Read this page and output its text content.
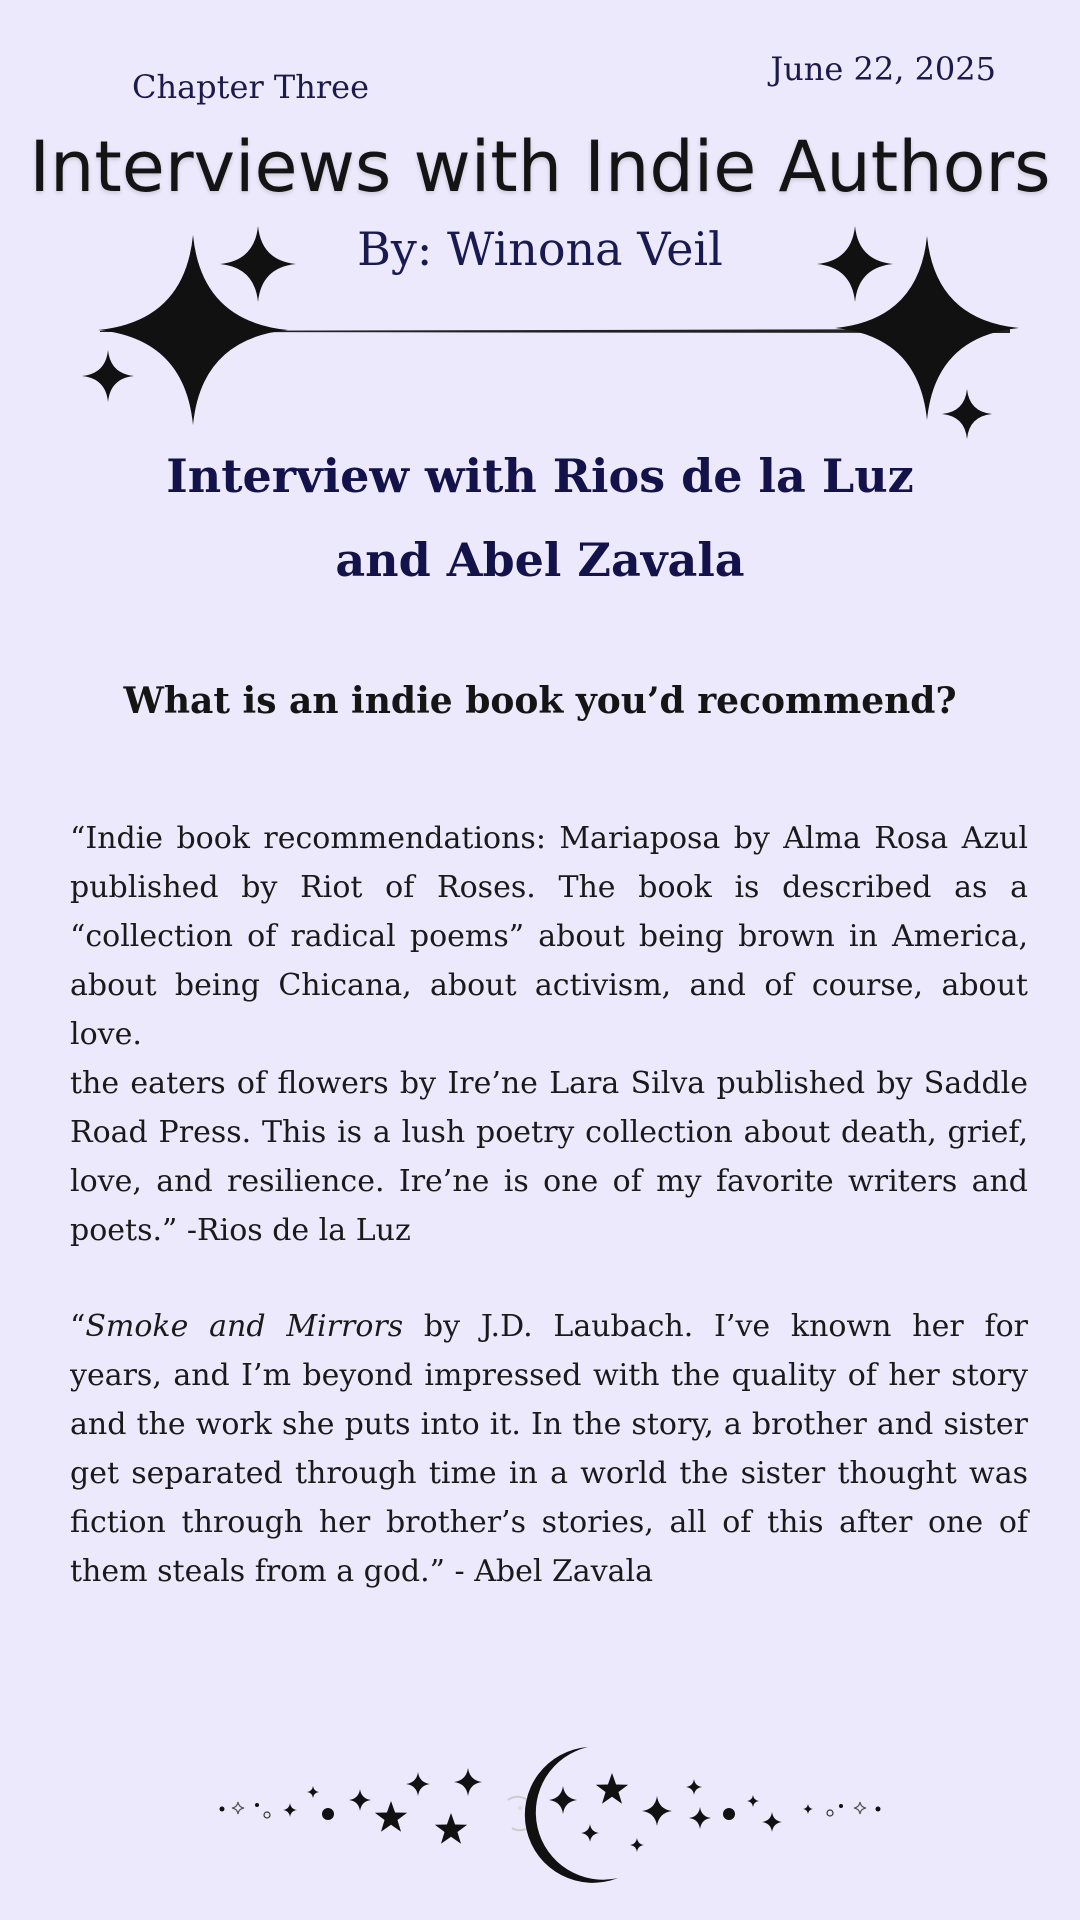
Chapter Three	June 22, 2025
Interviews with Indie Authors
By: Winona Veil
Interview with Rios de la Luz
and Abel Zavala
What is an indie book you’d recommend?

“Indie book recommendations: Mariaposa by Alma Rosa Azul published by Riot of Roses. The book is described as a “collection of radical poems” about being brown in America, about being Chicana, about activism, and of course, about love.

the eaters of flowers by Ire’ne Lara Silva published by Saddle Road Press. This is a lush poetry collection about death, grief, love, and resilience. Ire’ne is one of my favorite writers and poets.” -Rios de la Luz

“Smoke and Mirrors by J.D. Laubach. I’ve known her for years, and I’m beyond impressed with the quality of her story and the work she puts into it. In the story, a brother and sister get separated through time in a world the sister thought was fiction through her brother’s stories, all of this after one of them steals from a god.” - Abel Zavala
